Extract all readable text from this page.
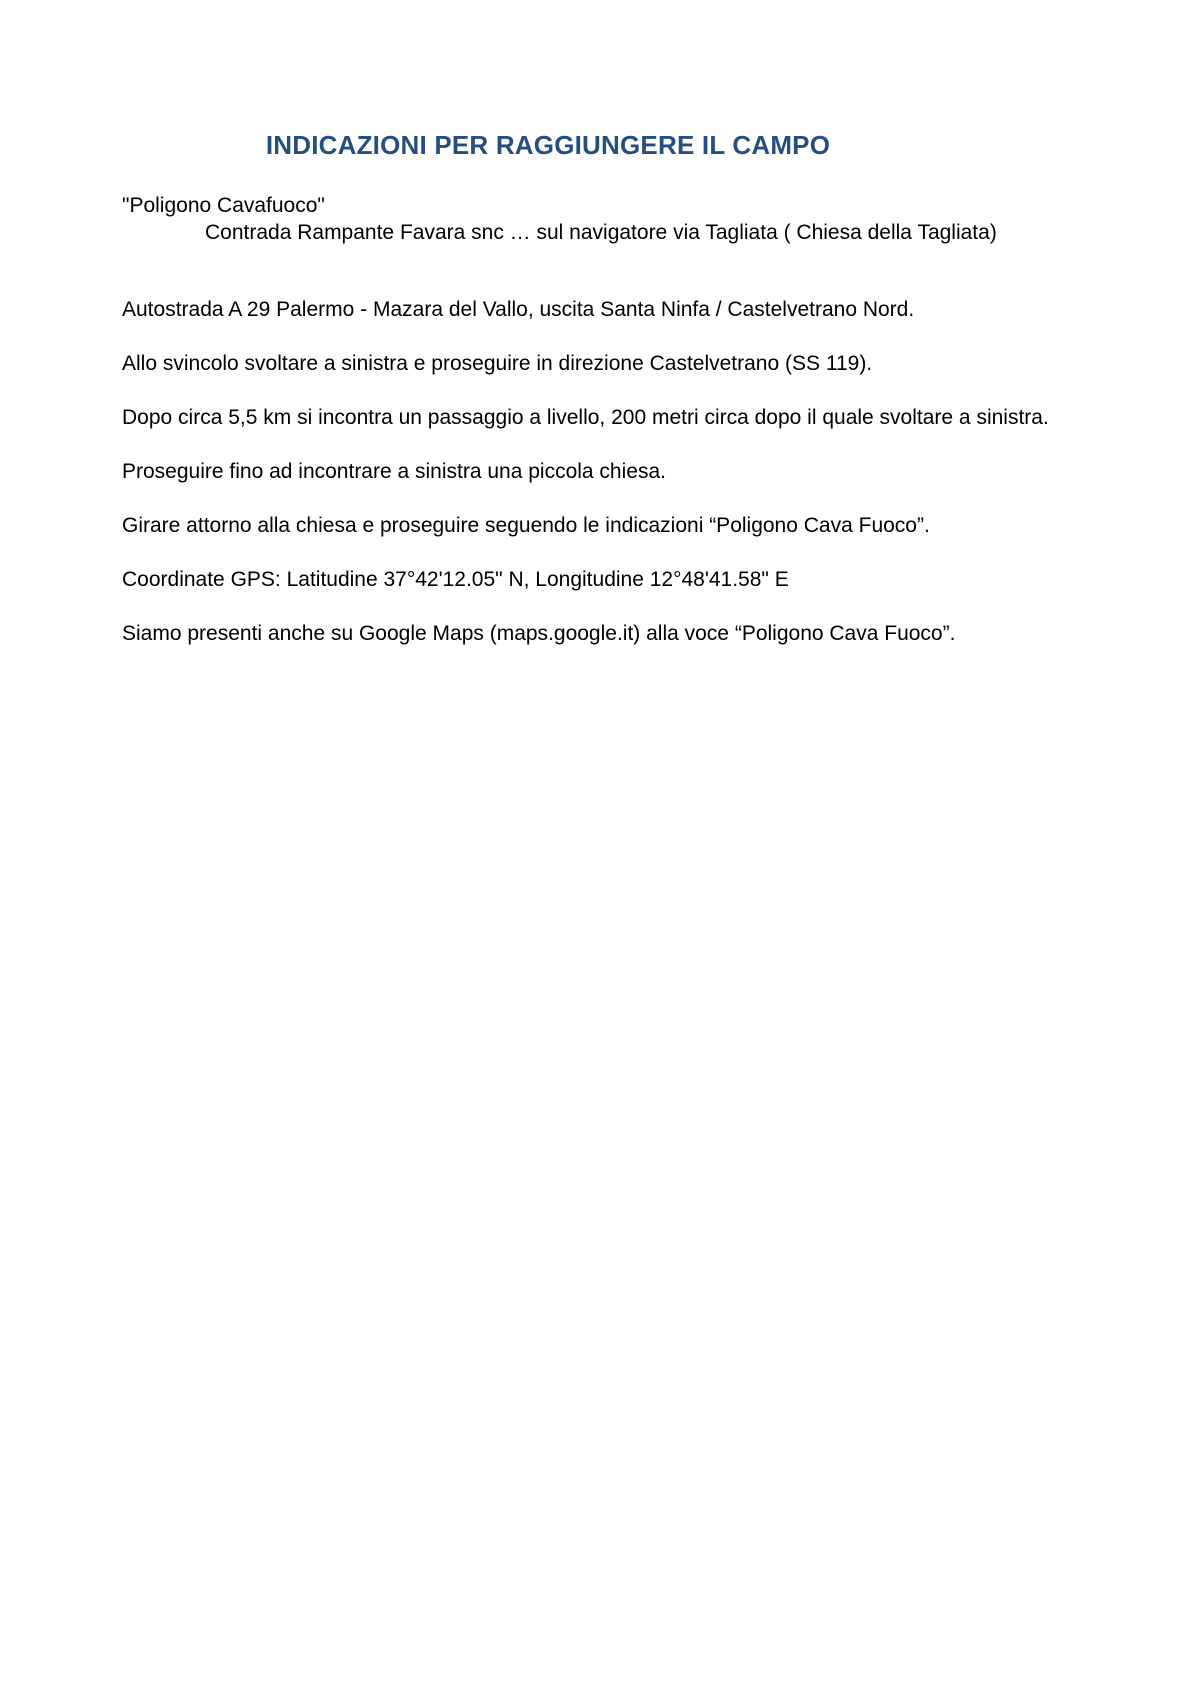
INDICAZIONI PER RAGGIUNGERE IL CAMPO

"Poligono Cavafuoco"

Contrada Rampante Favara snc … sul navigatore via Tagliata ( Chiesa della Tagliata)

Autostrada A 29 Palermo - Mazara del Vallo, uscita Santa Ninfa / Castelvetrano Nord.

Allo svincolo svoltare a sinistra e proseguire in direzione Castelvetrano (SS 119).

Dopo circa 5,5 km si incontra un passaggio a livello, 200 metri circa dopo il quale svoltare a sinistra.

Proseguire fino ad incontrare a sinistra una piccola chiesa.

Girare attorno alla chiesa e proseguire seguendo le indicazioni “Poligono Cava Fuoco”.

Coordinate GPS: Latitudine 37°42'12.05" N, Longitudine 12°48'41.58" E

Siamo presenti anche su Google Maps (maps.google.it) alla voce “Poligono Cava Fuoco”.
